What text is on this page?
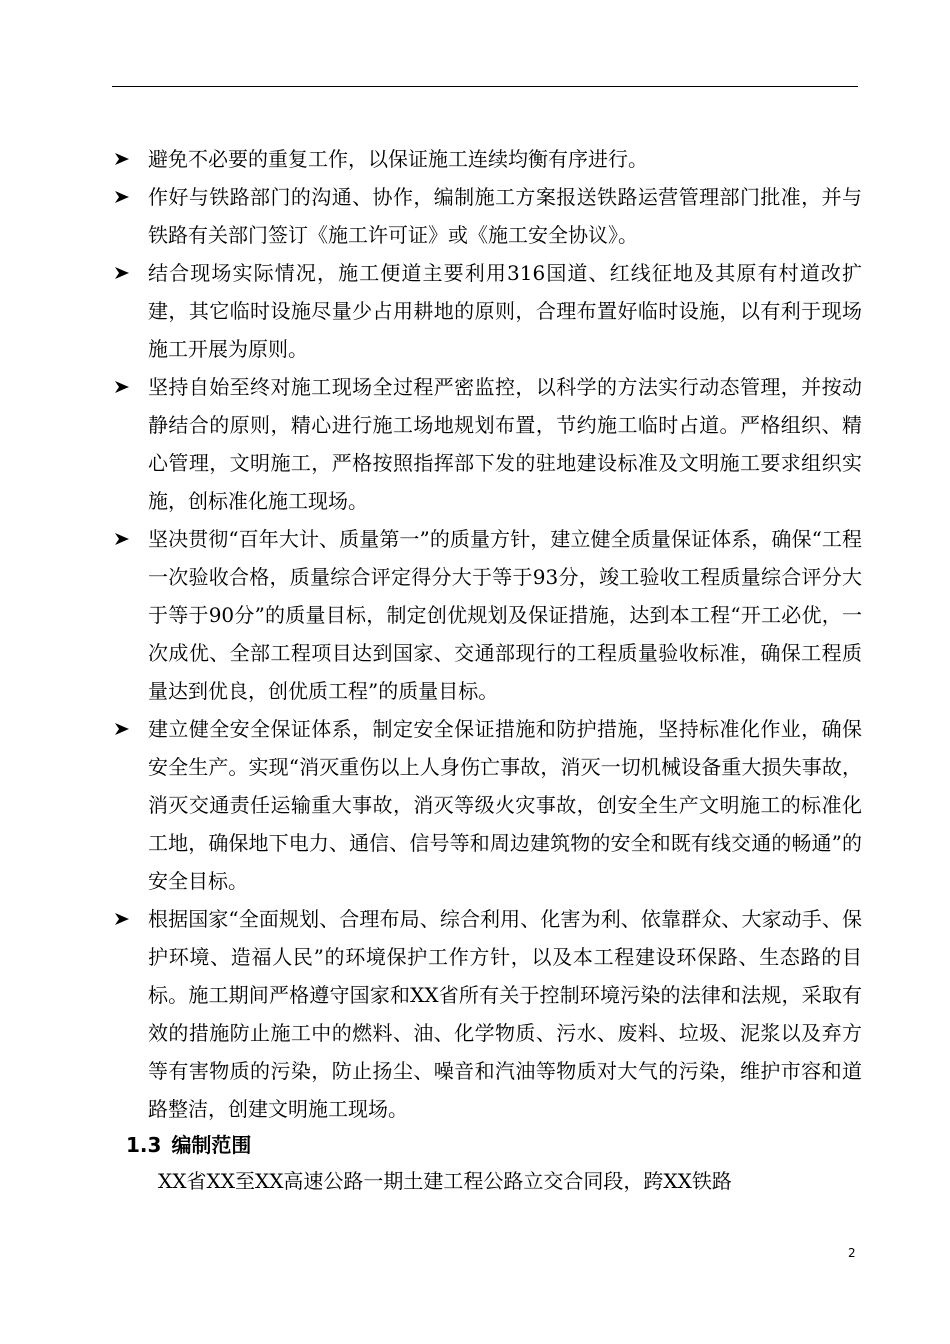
避免不必要的重复工作，以保证施工连续均衡有序进行。
作好与铁路部门的沟通、协作，编制施工方案报送铁路运营管理部门批准，并与铁路有关部门签订《施工许可证》或《施工安全协议》。
结合现场实际情况，施工便道主要利用316国道、红线征地及其原有村道改扩建，其它临时设施尽量少占用耕地的原则，合理布置好临时设施，以有利于现场施工开展为原则。
坚持自始至终对施工现场全过程严密监控，以科学的方法实行动态管理，并按动静结合的原则，精心进行施工场地规划布置，节约施工临时占道。严格组织、精心管理，文明施工，严格按照指挥部下发的驻地建设标准及文明施工要求组织实施，创标准化施工现场。
坚决贯彻“百年大计、质量第一”的质量方针，建立健全质量保证体系，确保“工程一次验收合格，质量综合评定得分大于等于93分，竣工验收工程质量综合评分大于等于90分”的质量目标，制定创优规划及保证措施，达到本工程“开工必优，一次成优、全部工程项目达到国家、交通部现行的工程质量验收标准，确保工程质量达到优良，创优质工程”的质量目标。
建立健全安全保证体系，制定安全保证措施和防护措施，坚持标准化作业，确保安全生产。实现“消灭重伤以上人身伤亡事故，消灭一切机械设备重大损失事故，消灭交通责任运输重大事故，消灭等级火灾事故，创安全生产文明施工的标准化工地，确保地下电力、通信、信号等和周边建筑物的安全和既有线交通的畅通”的安全目标。
根据国家“全面规划、合理布局、综合利用、化害为利、依靠群众、大家动手、保护环境、造福人民”的环境保护工作方针，以及本工程建设环保路、生态路的目标。施工期间严格遵守国家和XX省所有关于控制环境污染的法律和法规，采取有效的措施防止施工中的燃料、油、化学物质、污水、废料、垃圾、泥浆以及弃方等有害物质的污染，防止扬尘、噪音和汽油等物质对大气的污染，维护市容和道路整洁，创建文明施工现场。
1.3 编制范围

XX省XX至XX高速公路一期土建工程公路立交合同段，跨XX铁路

2
